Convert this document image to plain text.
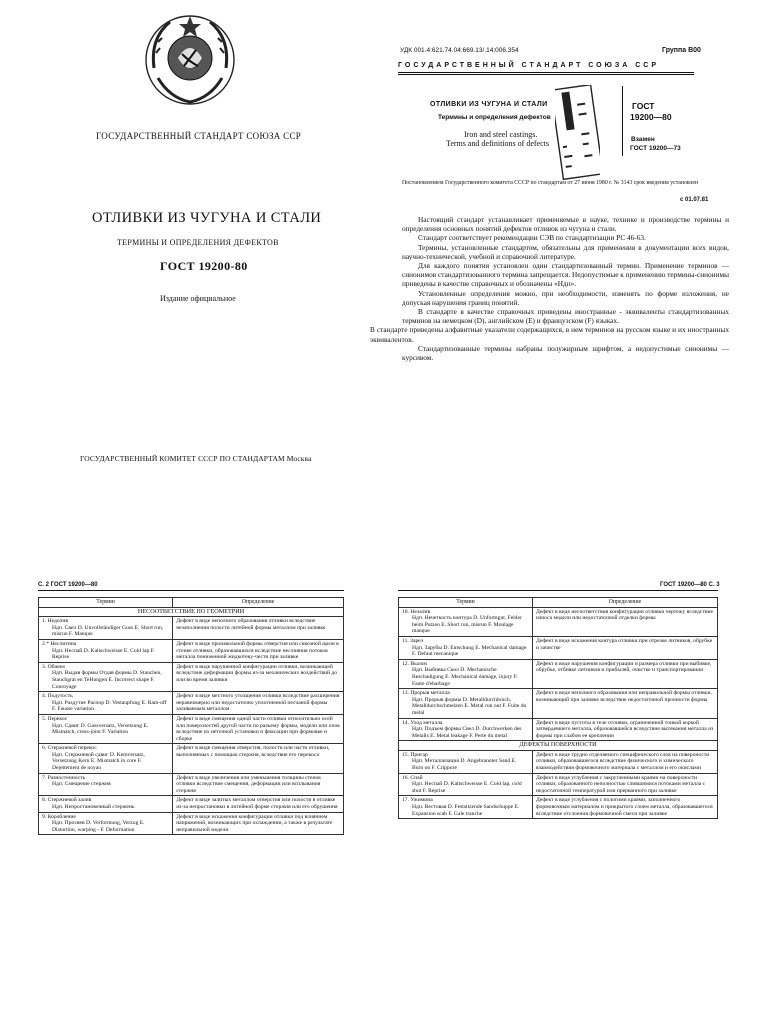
ГОСУДАРСТВЕННЫЙ СТАНДАРТ СОЮЗА ССР
ОТЛИВКИ ИЗ ЧУГУНА И СТАЛИ
ТЕРМИНЫ И ОПРЕДЕЛЕНИЯ ДЕФЕКТОВ
ГОСТ 19200-80
Издание официальное
ГОСУДАРСТВЕННЫЙ КОМИТЕТ СССР ПО СТАНДАРТАМ Москва
УДК 001.4:621.74.04:669.13/.14:006.354	Группа В00
ГОСУДАРСТВЕННЫЙ СТАНДАРТ СОЮЗА ССР
ОТЛИВКИ ИЗ ЧУГУНА И СТАЛИ
Термины и определения дефектов
Iron and steel castings.
Terms and definitions of defects
ГОСТ
19200—80
Взамен
ГОСТ 19200—73
Постановлением Государственного комитета СССР по стандартам от 27 июня 1980 г. № 3143 срок введения установлен
с 01.07.81

Настоящий стандарт устанавливает применяемые в науке, технике и производстве термины и определения основных понятий дефектов отливок из чугуна и стали.

Стандарт соответствует рекомендации СЭВ по стандартизации РС 46-63.

Термины, установленные стандартом, обязательны для применения в документации всех видов, научно-технической, учебной и справочной литературе.

Для каждого понятия установлен один стандартизованный термин. Применение терминов — синонимов стандартизованного термина запрещается. Недопустимые к применению термины-синонимы приведены в качестве справочных и обозначены «Ндп».

Установленные определения можно, при необходимости, изменять по форме изложения, не допуская нарушения границ понятий.

В стандарте в качестве справочных приведены иностранные - эквиваленты стандартизованных терминов на немецком (D), английском (E) и французском (F) языках.

В стандарте приведены алфавитные указатели содержащихся, в нем терминов на русском языке и их иностранных эквивалентов.

Стандартизованные термины набраны полужирным шрифтом, а недопустимые синонимы — курсивом.

С. 2 ГОСТ 19200—80
Термин	Определение
НЕСООТВЕТСТВИЕ ПО ГЕОМЕТРИИ	

1. Недолив
Ндп. Свел D. Unvollständiger Guss E. Short run, misrun F. Manque	Дефект в виде неполного образования отливки вследствие незаполнения полости литейной формы металлом при заливке

2.* Неслитина
Ндп. Неспай D. Kaltschweisse E. Cold lap F. Reprise	Дефект в виде произвольной формы отверстия или сквозной щели в стенке отливки, образовавшихся вследствие неслияния потоков металла пониженной жидкотеку-чести при заливке

3. Обжим
Ндп. Выдав формы Отдав формы D. Stauchen, Stauchgrat en TeHungen E. Incorrect shape F. Conroyage	Дефект в виде нарушенной конфигурации отливки, возникающей вследствие деформации формы из-за механических воздействий до или во время заливки

4. Подутость
Ндп. Раздутие Распор D. Vestaupfung E. Ram-off F. Fausse variation	Дефект в виде местного утолщения отливки вследствие расширения неравномерно или недостаточно уплотненной песчаной формы заливаемым металлом

5. Перекос
Ндп. Сдвиг D. Gussversatz, Versetzung E. Mismatch, cross-joint F. Variation	Дефект в виде смещения одной части отливки относительно осей или поверхностей другой части по разъему формы, модели или опок вследствие их неточной установки и фиксации при формовке и сборке

6. Стержневой перекос
Ндп. Стержневой сдвиг D. Kemversatz, Versetzung Kern E. Mismatch in core F. Dejettement de noyau	Дефект в виде смещения отверстия, полости или части отливки, выполняемых с помощью стержня, вследствие его перекоса

7. Разностенность
Ндп. Смещение стержня	Дефект в виде увеличения или уменьшения толщины стенок отливки вследствие смещения, деформации или всплывания стержня

8. Стержневой залив
Ндп. Непростановочный стержень	Дефект в виде залитых металлом отверстия или полости в отливке из-за непростановки в литейной форме стержня или его обрушения

9. Коробление
Ндп. Просвев D. Verformung, Verzug E. Distortion, warping - F. Deformation	Дефект в виде искажения конфигурации отливки под влиянием напряжений, возникающих при охлаждении, а также в результате неправильной модели
ГОСТ 19200—80 С. 3
Термин	Определение

10. Незалив
Ндп. Нечеткость контура D. Unformgut, Fehler beim Putzen E. Short run, misrun F. Moulage manque	Дефект в виде несоответствия конфигурации отливки чертежу вследствие износа модели или недостаточной отделки формы

11. Зарез
Ндп. Зарубы D. Entschung E. Mechanical damage F. Defaut mecanique	Дефект в виде искажения контура отливки при отрезке литников, обрубке и зачистке

12. Вылом
Ндп. Выбивка Скол D. Mechanische Beschadigung E. Mechanical damage, injury F. Faute d'ebarbage	Дефект в виде нарушения конфигурации и размера отливки при выбивке, обрубке, отбивке литников и прибылей, очистке и транспортировании

13. Прорыв металла
Ндп. Прорыв формы D. Metalldurchbruch, Metalldurchschmelzen E. Metal run out F. Fuite du metal	Дефект в виде неполного образования или неправильной формы отливки, возникающий при заливке вследствие недостаточной прочности формы

14. Уход металла
Ндп. Подъем формы Свел D. Durchwerken des Metalls E. Metal leakage F. Perte du metal	Дефект в виде пустоты в теле отливки, ограниченной тонкой коркой затвердевшего металла, образовавшейся вследствие вытекания металла из формы при слабом ее креплении

ДЕФЕКТЫ ПОВЕРХНОСТИ	

15. Пригар
Ндп. Металлизация D. Angebrannter Sand E. Burn on F. Crippure	Дефект в виде трудно отделяемого специфического слоя на поверхности отливки, образовавшегося вследствие физического и химического взаимодействия формовочного материала с металлом и его окислами

16. Спай
Ндп. Неспай D. Kaltschweisse E. Cold lap, cold shut F. Reprise	Дефект в виде углубления с закругленными краями на поверхности отливки, образованного неполностью слившимися потоками металла с недостаточной температурой или прерванного при заливке

17. Ужимина
Ндп. Вестовая D. Festsitzende Sandschuppe E. Expansion scab F. Gale tranche	Дефект в виде углубления с пологими краями, заполненного формовочным материалом и прикрытого слоем металла, образовавшегося вследствие отслоения формовочной смеси при заливке
